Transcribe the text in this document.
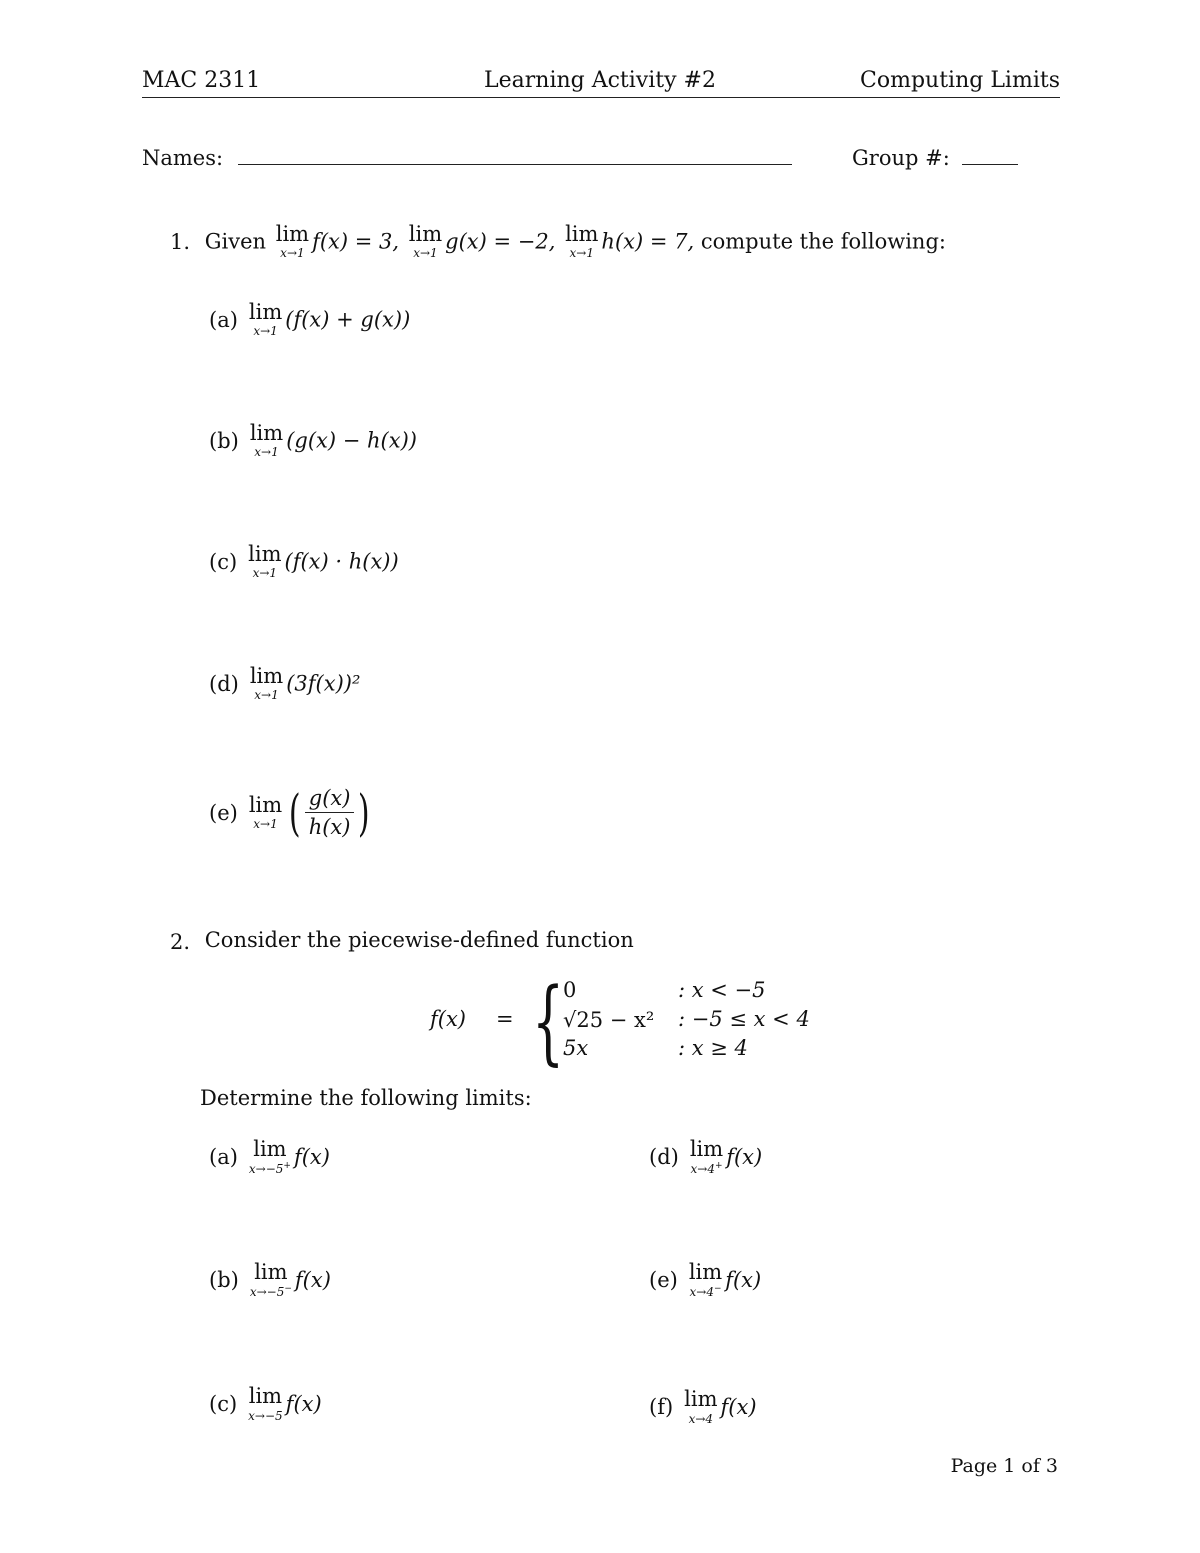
MAC 2311	Learning Activity #2	Computing Limits
Names:	Group #:
1. Given lim
x→1 f(x) = 3, lim
x→1 g(x) = −2, lim
x→1 h(x) = 7, compute the following:
(a) lim
x→1 (f(x) + g(x))
(b) lim
x→1 (g(x) − h(x))
(c) lim
x→1 (f(x) · h(x))
(d) lim
x→1 (3f(x))²
(e) lim
x→1 ( $\frac{g(x)}{h(x)}$ )
2. Consider the piecewise-defined function
f(x) = {
0	: x < −5
√25 − x² : −5 ≤ x < 4
5x	: x ≥ 4
Determine the following limits:
(a) lim
x→−5+ f(x)
(b) lim
x→−5− f(x)
(c) lim
x→−5 f(x)
(d) lim
x→4+ f(x)
(e) lim
x→4− f(x)
(f) lim
x→4 f(x)
Page 1 of 3
